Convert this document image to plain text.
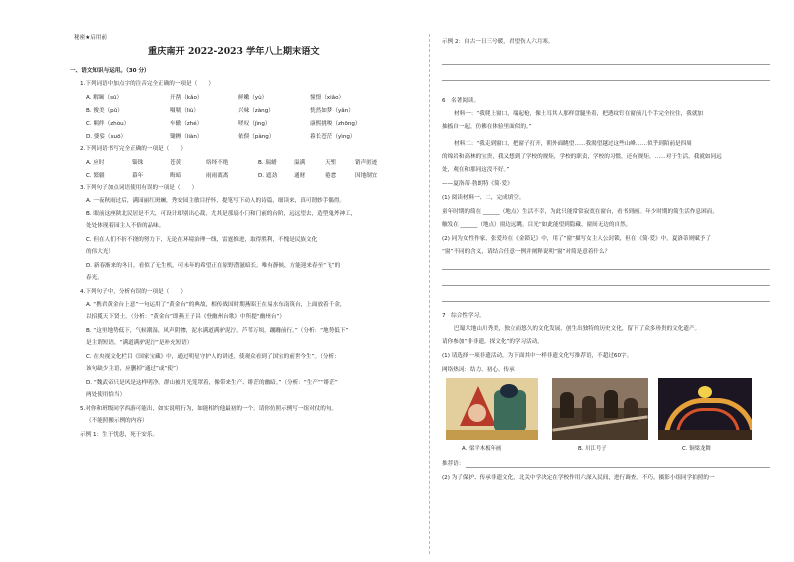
秘密★启用前
重庆南开 2022-2023 学年八上期末语文
一、语文知识与运用。（30 分）
1.下列词语中加点字的注音完全正确的一项是（　　）
A. 解颐（sū）	开凿（kǎo）	鲜嫩（yù）	憧憬（xiǎo）
B. 俊美（pǔ）	嗫嚅（liù）	兴味（zàng）	恍然如梦（yǎn）
C. 羁绊（zhòu）	车辙（zhé）	嗟叹（jìng）	康熙挑唆（zhōng）
D. 婆娑（suō）	锄耨（liàn）	依偎（pàng）	暮长苍茫（yìng）
2.下列词语书写完全正确的一项是（　　）
A. 应时	锱铢	苍黄	络绎不绝	B. 瑞蜡	溢满	天堑	销声匿迹
C. 繁疆	幕年	晦暗	雨雨离离	D. 遮劲	通财	倦怠	因地制宜
3.下列句子加点词语使用有误的一项是（　　）
A. 一夜秋雨过后，满园丽红斑斓，秀安园主敏目抒怀，提笔写下动人的诗篇，细读来，真可谓妙手偶得。
B. 眼前这座陕北民居是不大，可设计却别出心裁，尤其是那扇小门和门前的台阶，远远望去，造型鬼斧神工，
处处体现着园主人不俗的品味。
C. 但在人们不折不挠的努力下，无论在环境治理一线，雷霆推进，取得胜利，不愧是民族文化
的伟大光！
D. 新春渐来的冬日，看似了无生机，可未年的希望正在原野潜滋暗长。唯有静候，方能迎来春至“飞”的
春光。
4.下列句子中，分析有误的一项是（　　）
A. “携君黄金台上意”一句运用了“黄金台”的典故，相传战国时期燕昭王在易水东南筑台，上面放着千金，
以招揽天下贤士。（分析：“黄金台”即燕王子昌《登幽州台歌》中所提“幽州台”）
B. “这里地势低下，气候潮湿，风声阴惨，泥水满道满驴泥泞。芦苇万顷，蹦跚前行。”（分析：“地势低下”
是主谓短语，“满道满驴泥泞”是补充短语）
C. 在央视文化栏目《国家宝藏》中，通过明星守护人的讲述，使观众看到了国宝的前世今生”。（分析：
该句缺少主语，应删掉“通过”或“使”）
D. “魏武帝只是风是这样明净。群山被月光笼罩着，像带来生产、绯茫的幽暗。”（分析：“生产”“绯茫”
两处使用恰当）
5.对你和班级同学西游可能出，如实说明行为，如能相约他最初的一个。请你仿照示例写一组对仗的句。
（不能照搬示例的内容）
示例 1：生于忧患，死于安乐。
示例 2：自古一日三兮暖，君望伤人六月寒。
6　名著阅读。
材料一：“我爬上窗口，端起枪，像土耳其人那样盘腿坐着，把透纹钉在窗前几个手完全拉住，我就加
抽搐自一起，仿佛在体验里面似的。”
材料二：“我走到窗口，把窗子打开，朝外面眺望……我渴望越过这些山峰……似乎到陌前是四周
的绵岩和高林的宝贵，我又想到了学校的规矩，学校的职责，学校的习惯，还有规矩，……对于生活，我就如同远
处，观在和那同这没不好。”
——夏洛蒂·勃朗特《简·爱》
(1) 阅读材料一、二，完成填空。
童年时期的简在 ______（地点）生活不幸，为此只能常常寂寞在窗台，看书到画。年少时期的简生活作息困而，
触发在 ______（地点）窗边远眺，目光“如此能望到隐藏、窗间无边的自然。
(2) 同为女性作家，张爱玲在《金锁记》中，用了“窗”描写女主人公封锁，但在《简·爱》中，夏洛蒂则赋予了
“窗”不同的含义，请结合任意一例并阐释说明“窗”对简是意着什么？
7　综合性学习。
巴蜀大地山川秀美，独立而悠久的文化发展，创生出独特的历史文化，留下了众多珍贵的文化遗产。
请你参加“非非遗，探文化”的学习活动。
(1) 请选择一项非遗活动，为下面其中一样非遗文化写推荐语，不超过60字。
网络热词：结力、初心、传承
A. 梁平木板年画	B. 川江号子	C. 铜梁龙舞
推荐语：
(2) 为了保护、传承非遗文化，北关中学决定在学校作用六深入民间，进行调查。不巧，摄影小组同学拍照的一
